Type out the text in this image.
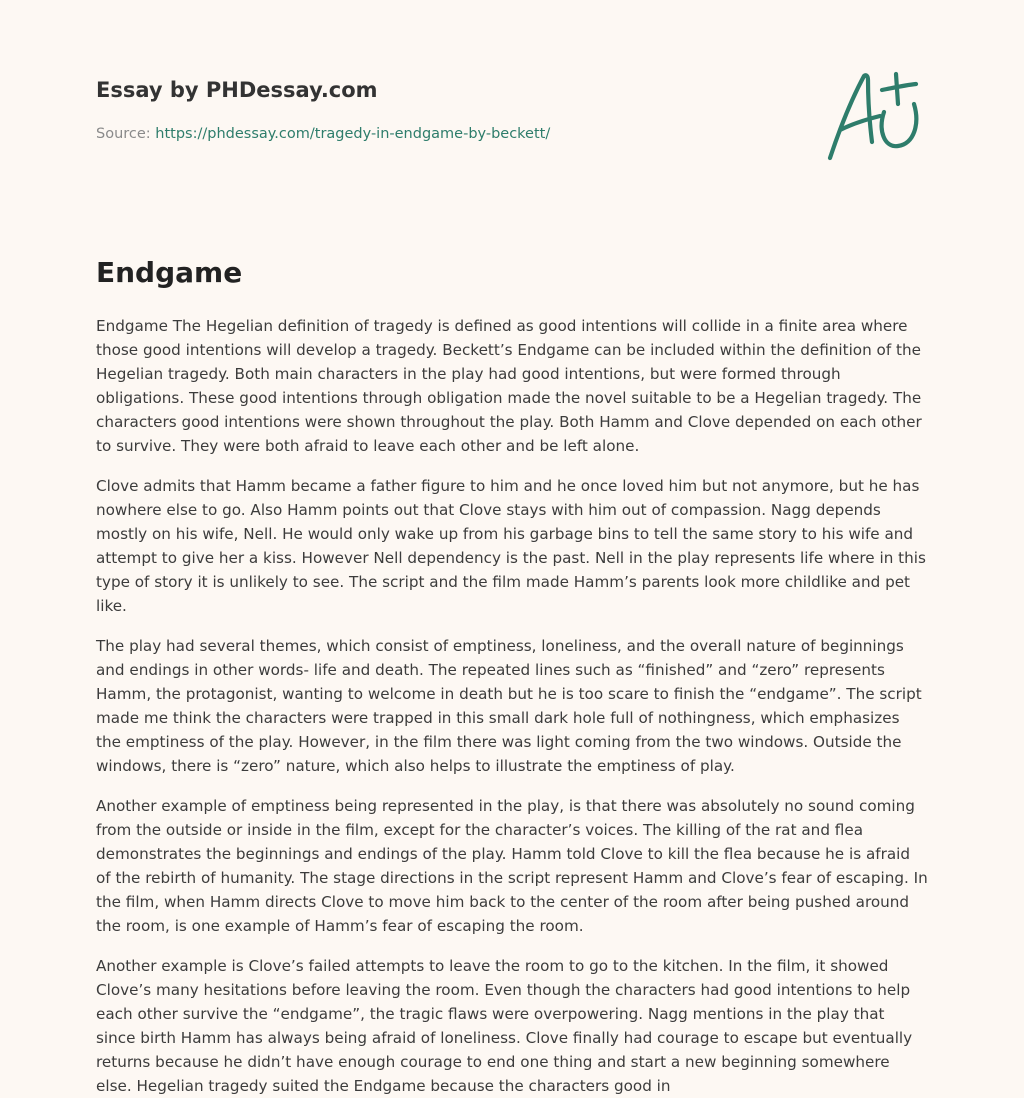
Essay by PHDessay.com
Source: https://phdessay.com/tragedy-in-endgame-by-beckett/
Endgame

Endgame The Hegelian definition of tragedy is defined as good intentions will collide in a finite area where those good intentions will develop a tragedy. Beckett’s Endgame can be included within the definition of the Hegelian tragedy. Both main characters in the play had good intentions, but were formed through obligations. These good intentions through obligation made the novel suitable to be a Hegelian tragedy. The characters good intentions were shown throughout the play. Both Hamm and Clove depended on each other to survive. They were both afraid to leave each other and be left alone.

Clove admits that Hamm became a father figure to him and he once loved him but not anymore, but he has nowhere else to go. Also Hamm points out that Clove stays with him out of compassion. Nagg depends mostly on his wife, Nell. He would only wake up from his garbage bins to tell the same story to his wife and attempt to give her a kiss. However Nell dependency is the past. Nell in the play represents life where in this type of story it is unlikely to see. The script and the film made Hamm’s parents look more childlike and pet like.

The play had several themes, which consist of emptiness, loneliness, and the overall nature of beginnings and endings in other words- life and death. The repeated lines such as “finished” and “zero” represents Hamm, the protagonist, wanting to welcome in death but he is too scare to finish the “endgame”. The script made me think the characters were trapped in this small dark hole full of nothingness, which emphasizes the emptiness of the play. However, in the film there was light coming from the two windows. Outside the windows, there is “zero” nature, which also helps to illustrate the emptiness of play.

Another example of emptiness being represented in the play, is that there was absolutely no sound coming from the outside or inside in the film, except for the character’s voices. The killing of the rat and flea demonstrates the beginnings and endings of the play. Hamm told Clove to kill the flea because he is afraid of the rebirth of humanity. The stage directions in the script represent Hamm and Clove’s fear of escaping. In the film, when Hamm directs Clove to move him back to the center of the room after being pushed around the room, is one example of Hamm’s fear of escaping the room.

Another example is Clove’s failed attempts to leave the room to go to the kitchen. In the film, it showed Clove’s many hesitations before leaving the room. Even though the characters had good intentions to help each other survive the “endgame”, the tragic flaws were overpowering. Nagg mentions in the play that since birth Hamm has always being afraid of loneliness. Clove finally had courage to escape but eventually returns because he didn’t have enough courage to end one thing and start a new beginning somewhere else. Hegelian tragedy suited the Endgame because the characters good in
